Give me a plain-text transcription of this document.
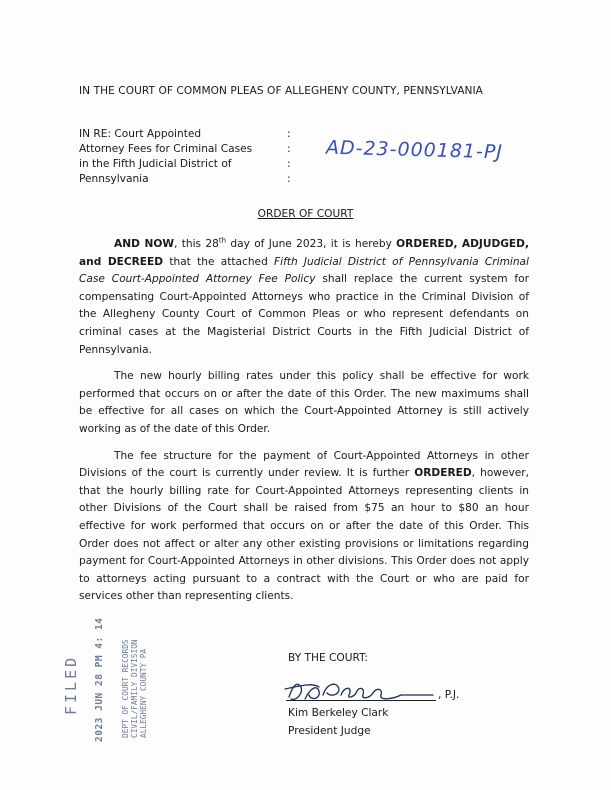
IN THE COURT OF COMMON PLEAS OF ALLEGHENY COUNTY, PENNSYLVANIA
IN RE: Court Appointed
Attorney Fees for Criminal Cases
in the Fifth Judicial District of
Pennsylvania
:
:
:
:
AD-23-000181-PJ
ORDER OF COURT

AND NOW, this 28th day of June 2023, it is hereby ORDERED, ADJUDGED, and DECREED that the attached Fifth Judicial District of Pennsylvania Criminal Case Court-Appointed Attorney Fee Policy shall replace the current system for compensating Court-Appointed Attorneys who practice in the Criminal Division of the Allegheny County Court of Common Pleas or who represent defendants on criminal cases at the Magisterial District Courts in the Fifth Judicial District of Pennsylvania.

The new hourly billing rates under this policy shall be effective for work performed that occurs on or after the date of this Order. The new maximums shall be effective for all cases on which the Court-Appointed Attorney is still actively working as of the date of this Order.

The fee structure for the payment of Court-Appointed Attorneys in other Divisions of the court is currently under review. It is further ORDERED, however, that the hourly billing rate for Court-Appointed Attorneys representing clients in other Divisions of the Court shall be raised from $75 an hour to $80 an hour effective for work performed that occurs on or after the date of this Order. This Order does not affect or alter any other existing provisions or limitations regarding payment for Court-Appointed Attorneys in other divisions. This Order does not apply to attorneys acting pursuant to a contract with the Court or who are paid for services other than representing clients.

BY THE COURT:
, P.J.
Kim Berkeley Clark
President Judge
FILED 2023 JUN 28 PM 4: 14 DEPT OF COURT RECORDS CIVIL/FAMILY DIVISION ALLEGHENY COUNTY PA
